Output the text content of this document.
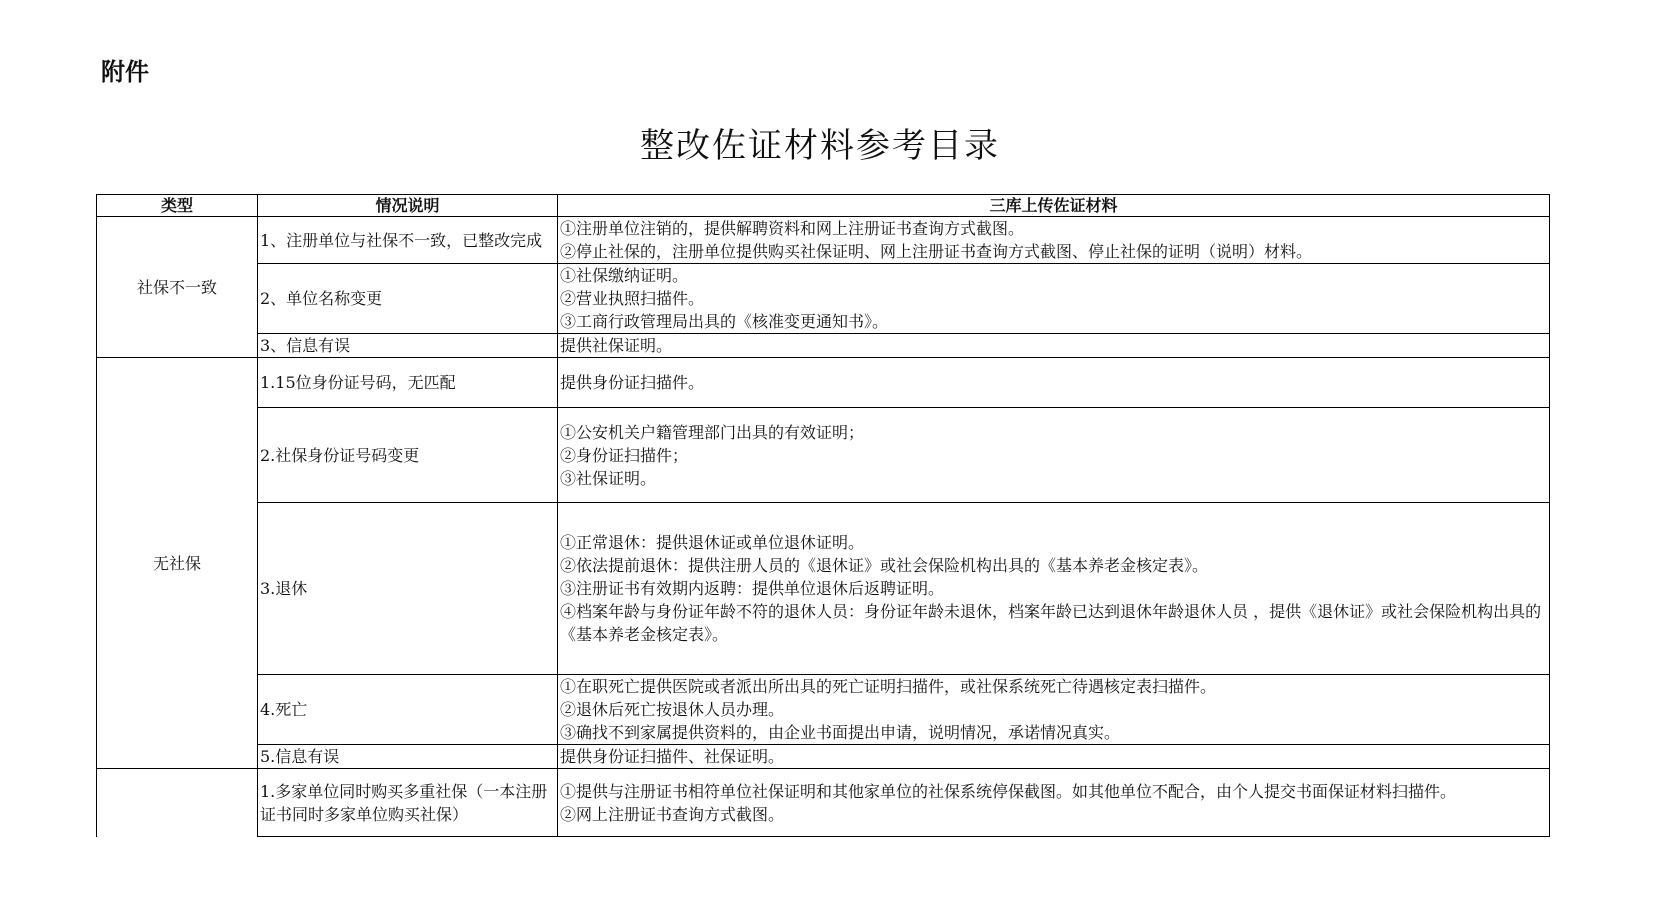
附件
整改佐证材料参考目录
类型	情况说明	三库上传佐证材料
社保不一致	1、注册单位与社保不一致，已整改完成	①注册单位注销的，提供解聘资料和网上注册证书查询方式截图。
②停止社保的，注册单位提供购买社保证明、网上注册证书查询方式截图、停止社保的证明（说明）材料。

	2、单位名称变更	①社保缴纳证明。
②营业执照扫描件。
③工商行政管理局出具的《核准变更通知书》。

	3、信息有误	提供社保证明。

无社保	1.15位身份证号码，无匹配	提供身份证扫描件。

	2.社保身份证号码变更	①公安机关户籍管理部门出具的有效证明；
②身份证扫描件；
③社保证明。

	3.退休	①正常退休：提供退休证或单位退休证明。
②依法提前退休：提供注册人员的《退休证》或社会保险机构出具的《基本养老金核定表》。
③注册证书有效期内返聘：提供单位退休后返聘证明。
④档案年龄与身份证年龄不符的退休人员：身份证年龄未退休，档案年龄已达到退休年龄退休人员 ，提供《退休证》或社会保险机构出具的《基本养老金核定表》。

	4.死亡	①在职死亡提供医院或者派出所出具的死亡证明扫描件，或社保系统死亡待遇核定表扫描件。
②退休后死亡按退休人员办理。
③确找不到家属提供资料的，由企业书面提出申请，说明情况，承诺情况真实。

	5.信息有误	提供身份证扫描件、社保证明。

	1.多家单位同时购买多重社保（一本注册证书同时多家单位购买社保）	①提供与注册证书相符单位社保证明和其他家单位的社保系统停保截图。如其他单位不配合，由个人提交书面保证材料扫描件。
②网上注册证书查询方式截图。
